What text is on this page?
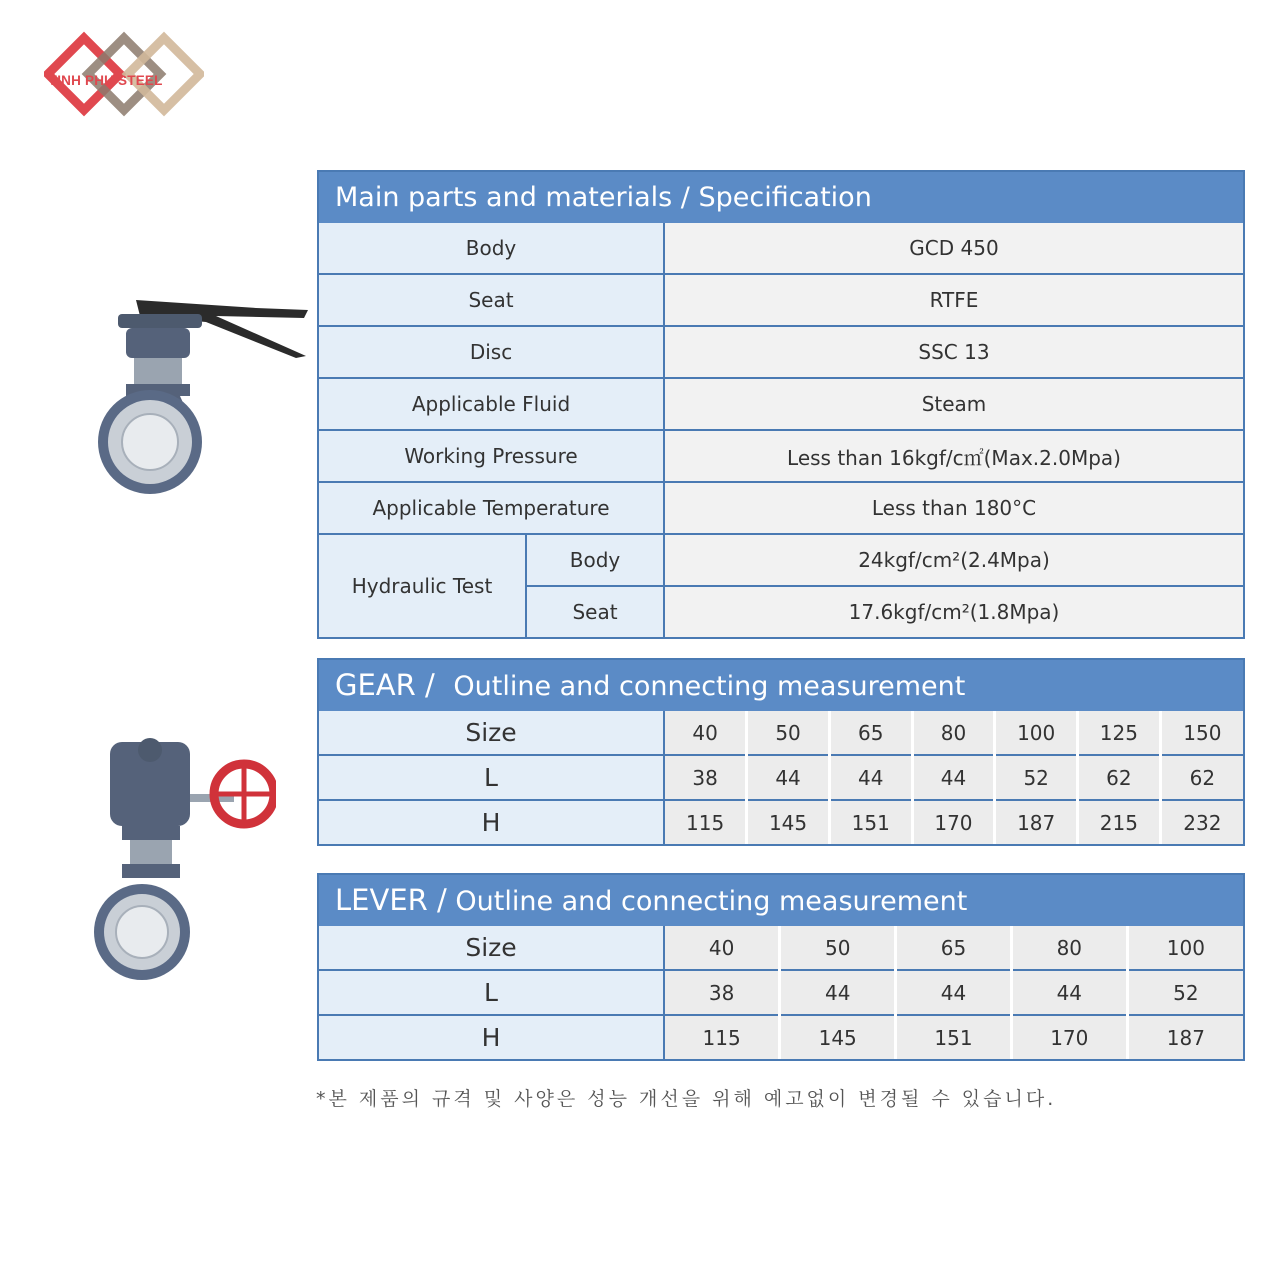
VINH PHU STEEL
Main parts and materials / Specification
Body		GCD 450
Seat		RTFE
Disc		SSC 13
Applicable Fluid		Steam
Working Pressure		Less than 16kgf/c㎡(Max.2.0Mpa)
Applicable Temperature		Less than 180°C
Hydraulic Test	Body	24kgf/cm²(2.4Mpa)
	Seat	17.6kgf/cm²(1.8Mpa)
GEAR / Outline and connecting measurement
Size	40	50	65	80	100	125	150
L	38	44	44	44	52	62	62
H	115	145	151	170	187	215	232
LEVER / Outline and connecting measurement
Size	40	50	65	80	100
L	38	44	44	44	52
H	115	145	151	170	187
*본 제품의 규격 및 사양은 성능 개선을 위해 예고없이 변경될 수 있습니다.
